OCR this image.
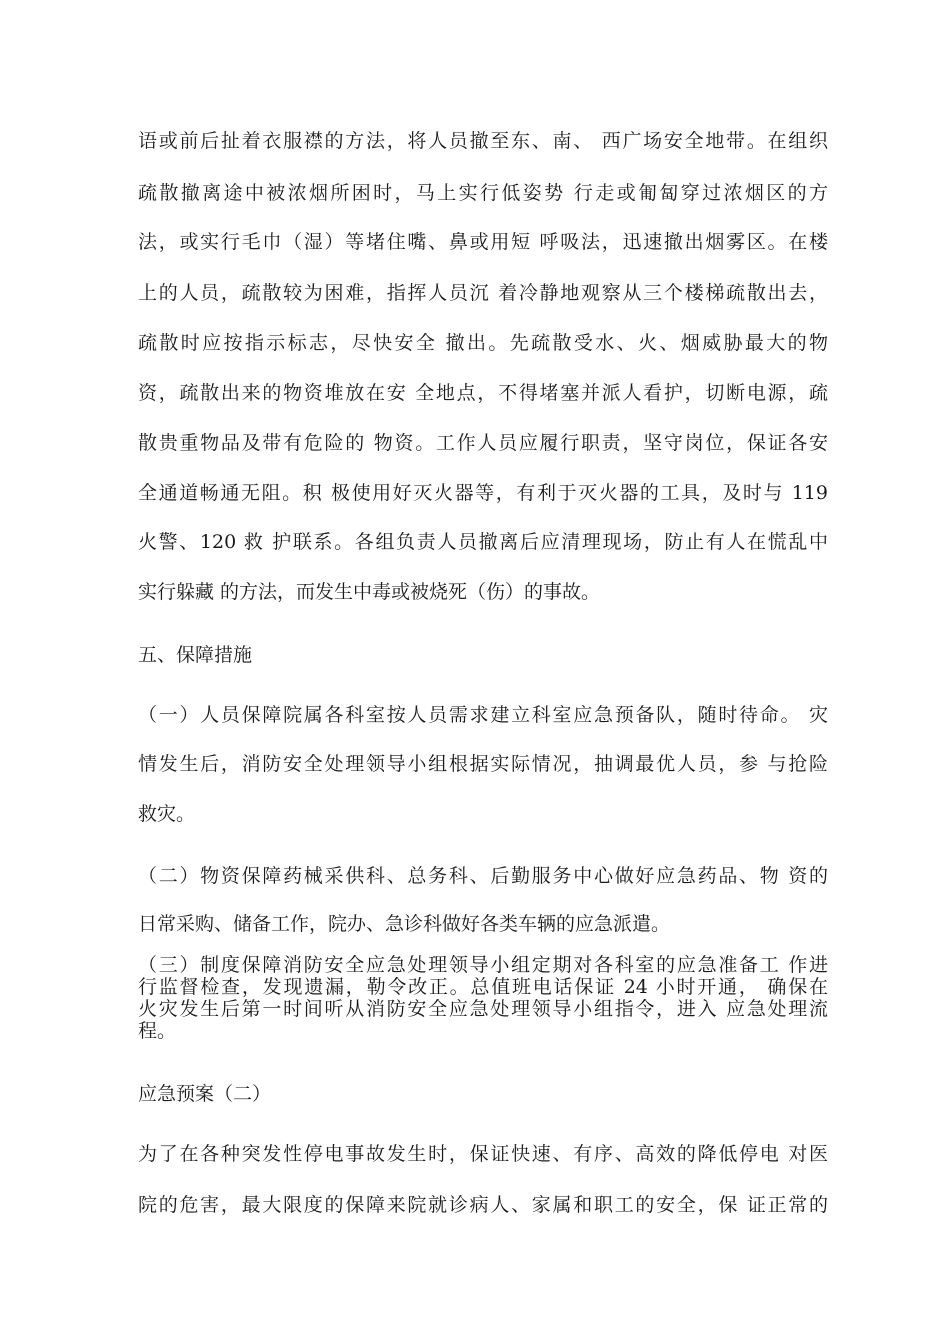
语或前后扯着衣服襟的方法，将人员撤至东、南、 西广场安全地带。在组织
疏散撤离途中被浓烟所困时，马上实行低姿势 行走或匍匐穿过浓烟区的方
法，或实行毛巾（湿）等堵住嘴、鼻或用短 呼吸法，迅速撤出烟雾区。在楼
上的人员，疏散较为困难，指挥人员沉 着冷静地观察从三个楼梯疏散出去，
疏散时应按指示标志，尽快安全 撤出。先疏散受水、火、烟威胁最大的物
资，疏散出来的物资堆放在安 全地点，不得堵塞并派人看护，切断电源，疏
散贵重物品及带有危险的 物资。工作人员应履行职责，坚守岗位，保证各安
全通道畅通无阻。积 极使用好灭火器等，有利于灭火器的工具，及时与 119
火警、120 救 护联系。各组负责人员撤离后应清理现场，防止有人在慌乱中
实行躲藏 的方法，而发生中毒或被烧死（伤）的事故。
五、保障措施
（一）人员保障院属各科室按人员需求建立科室应急预备队，随时待命。 灾
情发生后，消防安全处理领导小组根据实际情况，抽调最优人员，参 与抢险
救灾。
（二）物资保障药械采供科、总务科、后勤服务中心做好应急药品、物 资的
日常采购、储备工作，院办、急诊科做好各类车辆的应急派遣。
（三）制度保障消防安全应急处理领导小组定期对各科室的应急准备工 作进
行监督检查，发现遗漏，勒令改正。总值班电话保证 24 小时开通， 确保在
火灾发生后第一时间听从消防安全应急处理领导小组指令，进入 应急处理流
程。
应急预案（二）
为了在各种突发性停电事故发生时，保证快速、有序、高效的降低停电 对医
院的危害，最大限度的保障来院就诊病人、家属和职工的安全，保 证正常的
